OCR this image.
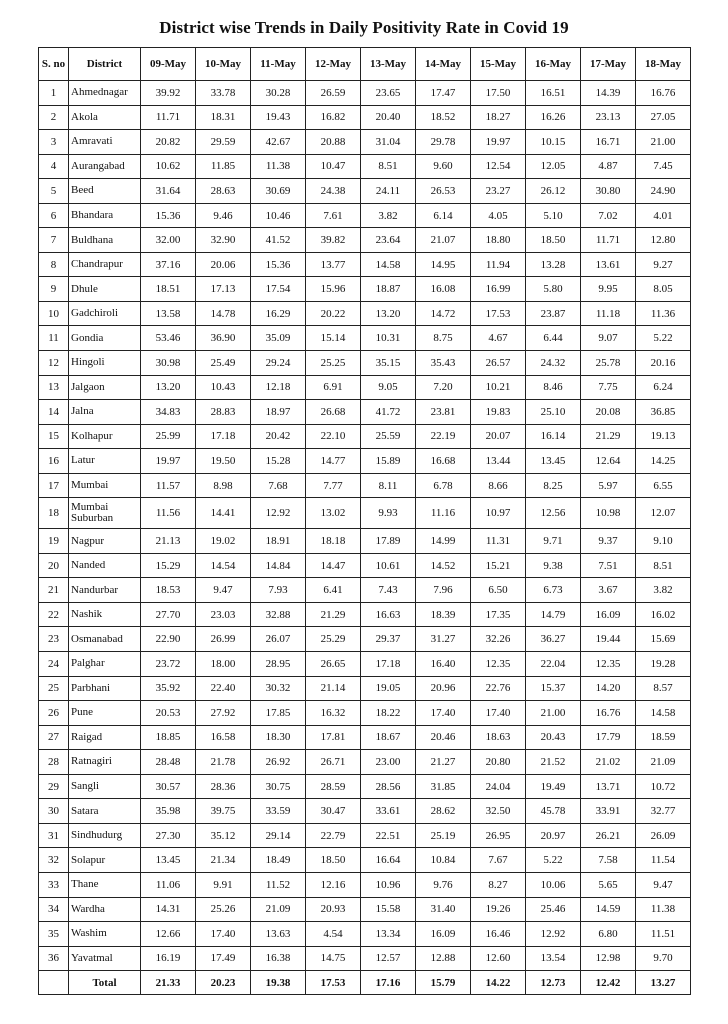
District wise Trends in Daily Positivity Rate in Covid 19
S. no	District	09-May	10-May	11-May	12-May	13-May	14-May	15-May	16-May	17-May	18-May
1	Ahmednagar	39.92	33.78	30.28	26.59	23.65	17.47	17.50	16.51	14.39	16.76
2	Akola	11.71	18.31	19.43	16.82	20.40	18.52	18.27	16.26	23.13	27.05
3	Amravati	20.82	29.59	42.67	20.88	31.04	29.78	19.97	10.15	16.71	21.00
4	Aurangabad	10.62	11.85	11.38	10.47	8.51	9.60	12.54	12.05	4.87	7.45
5	Beed	31.64	28.63	30.69	24.38	24.11	26.53	23.27	26.12	30.80	24.90
6	Bhandara	15.36	9.46	10.46	7.61	3.82	6.14	4.05	5.10	7.02	4.01
7	Buldhana	32.00	32.90	41.52	39.82	23.64	21.07	18.80	18.50	11.71	12.80
8	Chandrapur	37.16	20.06	15.36	13.77	14.58	14.95	11.94	13.28	13.61	9.27
9	Dhule	18.51	17.13	17.54	15.96	18.87	16.08	16.99	5.80	9.95	8.05
10	Gadchiroli	13.58	14.78	16.29	20.22	13.20	14.72	17.53	23.87	11.18	11.36
11	Gondia	53.46	36.90	35.09	15.14	10.31	8.75	4.67	6.44	9.07	5.22
12	Hingoli	30.98	25.49	29.24	25.25	35.15	35.43	26.57	24.32	25.78	20.16
13	Jalgaon	13.20	10.43	12.18	6.91	9.05	7.20	10.21	8.46	7.75	6.24
14	Jalna	34.83	28.83	18.97	26.68	41.72	23.81	19.83	25.10	20.08	36.85
15	Kolhapur	25.99	17.18	20.42	22.10	25.59	22.19	20.07	16.14	21.29	19.13
16	Latur	19.97	19.50	15.28	14.77	15.89	16.68	13.44	13.45	12.64	14.25
17	Mumbai	11.57	8.98	7.68	7.77	8.11	6.78	8.66	8.25	5.97	6.55
18	Mumbai Suburban	11.56	14.41	12.92	13.02	9.93	11.16	10.97	12.56	10.98	12.07
19	Nagpur	21.13	19.02	18.91	18.18	17.89	14.99	11.31	9.71	9.37	9.10
20	Nanded	15.29	14.54	14.84	14.47	10.61	14.52	15.21	9.38	7.51	8.51
21	Nandurbar	18.53	9.47	7.93	6.41	7.43	7.96	6.50	6.73	3.67	3.82
22	Nashik	27.70	23.03	32.88	21.29	16.63	18.39	17.35	14.79	16.09	16.02
23	Osmanabad	22.90	26.99	26.07	25.29	29.37	31.27	32.26	36.27	19.44	15.69
24	Palghar	23.72	18.00	28.95	26.65	17.18	16.40	12.35	22.04	12.35	19.28
25	Parbhani	35.92	22.40	30.32	21.14	19.05	20.96	22.76	15.37	14.20	8.57
26	Pune	20.53	27.92	17.85	16.32	18.22	17.40	17.40	21.00	16.76	14.58
27	Raigad	18.85	16.58	18.30	17.81	18.67	20.46	18.63	20.43	17.79	18.59
28	Ratnagiri	28.48	21.78	26.92	26.71	23.00	21.27	20.80	21.52	21.02	21.09
29	Sangli	30.57	28.36	30.75	28.59	28.56	31.85	24.04	19.49	13.71	10.72
30	Satara	35.98	39.75	33.59	30.47	33.61	28.62	32.50	45.78	33.91	32.77
31	Sindhudurg	27.30	35.12	29.14	22.79	22.51	25.19	26.95	20.97	26.21	26.09
32	Solapur	13.45	21.34	18.49	18.50	16.64	10.84	7.67	5.22	7.58	11.54
33	Thane	11.06	9.91	11.52	12.16	10.96	9.76	8.27	10.06	5.65	9.47
34	Wardha	14.31	25.26	21.09	20.93	15.58	31.40	19.26	25.46	14.59	11.38
35	Washim	12.66	17.40	13.63	4.54	13.34	16.09	16.46	12.92	6.80	11.51
36	Yavatmal	16.19	17.49	16.38	14.75	12.57	12.88	12.60	13.54	12.98	9.70
	Total	21.33	20.23	19.38	17.53	17.16	15.79	14.22	12.73	12.42	13.27
